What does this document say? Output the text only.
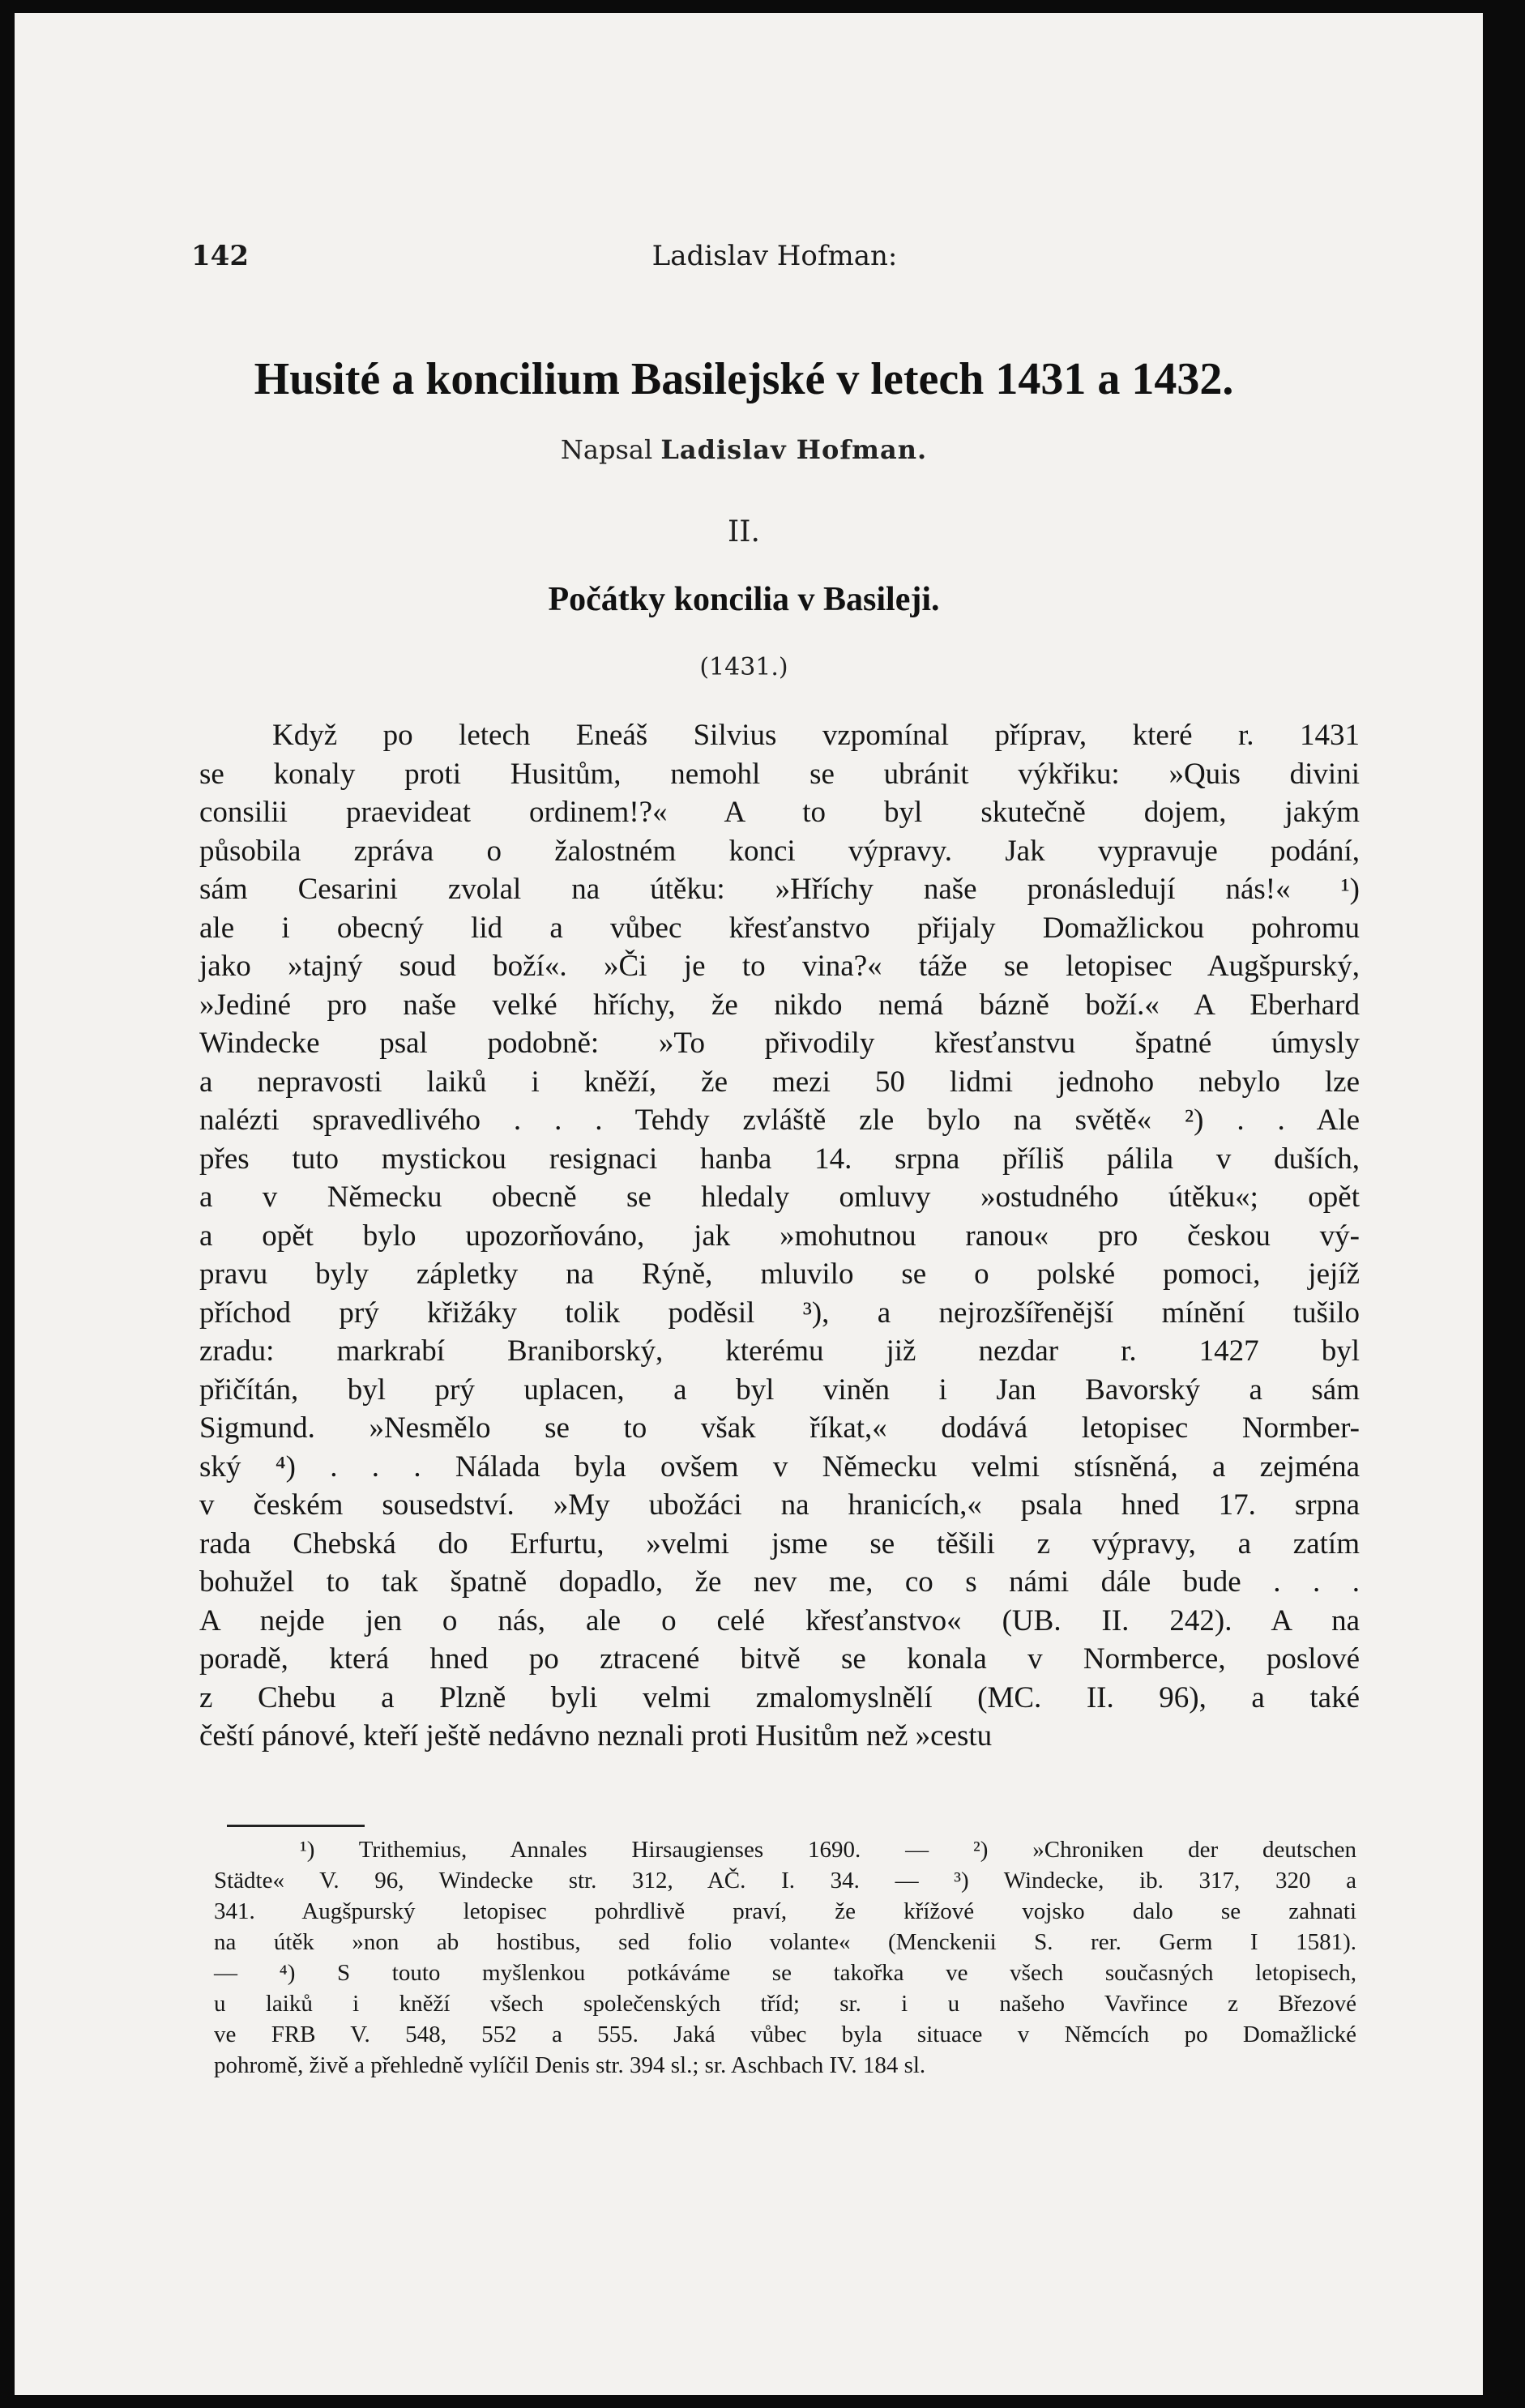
142	Ladislav Hofman:
Husité a koncilium Basilejské v letech 1431 a 1432.
Napsal Ladislav Hofman.
II.
Počátky koncilia v Basileji.
(1431.)
Když po letech Eneáš Silvius vzpomínal příprav, které r. 1431
se konaly proti Husitům, nemohl se ubránit výkřiku: »Quis divini
consilii praevideat ordinem!?« A to byl skutečně dojem, jakým
působila zpráva o žalostném konci výpravy. Jak vypravuje podání,
sám Cesarini zvolal na útěku: »Hříchy naše pronásledují nás!« ¹)
ale i obecný lid a vůbec křesťanstvo přijaly Domažlickou pohromu
jako »tajný soud boží«. »Či je to vina?« táže se letopisec Augšpurský,
»Jediné pro naše velké hříchy, že nikdo nemá bázně boží.« A Eberhard
Windecke psal podobně: »To přivodily křesťanstvu špatné úmysly
a nepravosti laiků i kněží, že mezi 50 lidmi jednoho nebylo lze
nalézti spravedlivého . . . Tehdy zvláště zle bylo na světě« ²) . . Ale
přes tuto mystickou resignaci hanba 14. srpna příliš pálila v duších,
a v Německu obecně se hledaly omluvy »ostudného útěku«; opět
a opět bylo upozorňováno, jak »mohutnou ranou« pro českou vý-
pravu byly zápletky na Rýně, mluvilo se o polské pomoci, jejíž
příchod prý křižáky tolik poděsil ³), a nejrozšířenější mínění tušilo
zradu: markrabí Braniborský, kterému již nezdar r. 1427 byl
přičítán, byl prý uplacen, a byl viněn i Jan Bavorský a sám
Sigmund. »Nesmělo se to však říkat,« dodává letopisec Normber-
ský ⁴) . . . Nálada byla ovšem v Německu velmi stísněná, a zejména
v českém sousedství. »My ubožáci na hranicích,« psala hned 17. srpna
rada Chebská do Erfurtu, »velmi jsme se těšili z výpravy, a zatím
bohužel to tak špatně dopadlo, že nev me, co s námi dále bude . . .
A nejde jen o nás, ale o celé křesťanstvo« (UB. II. 242). A na
poradě, která hned po ztracené bitvě se konala v Normberce, poslové
z Chebu a Plzně byli velmi zmalomyslnělí (MC. II. 96), a také
čeští pánové, kteří ještě nedávno neznali proti Husitům než »cestu
¹) Trithemius, Annales Hirsaugienses 1690. — ²) »Chroniken der deutschen
Städte« V. 96, Windecke str. 312, AČ. I. 34. — ³) Windecke, ib. 317, 320 a
341. Augšpurský letopisec pohrdlivě praví, že křížové vojsko dalo se zahnati
na útěk »non ab hostibus, sed folio volante« (Menckenii S. rer. Germ I 1581).
— ⁴) S touto myšlenkou potkáváme se takořka ve všech současných letopisech,
u laiků i kněží všech společenských tříd; sr. i u našeho Vavřince z Březové
ve FRB V. 548, 552 a 555. Jaká vůbec byla situace v Němcích po Domažlické
pohromě, živě a přehledně vylíčil Denis str. 394 sl.; sr. Aschbach IV. 184 sl.
